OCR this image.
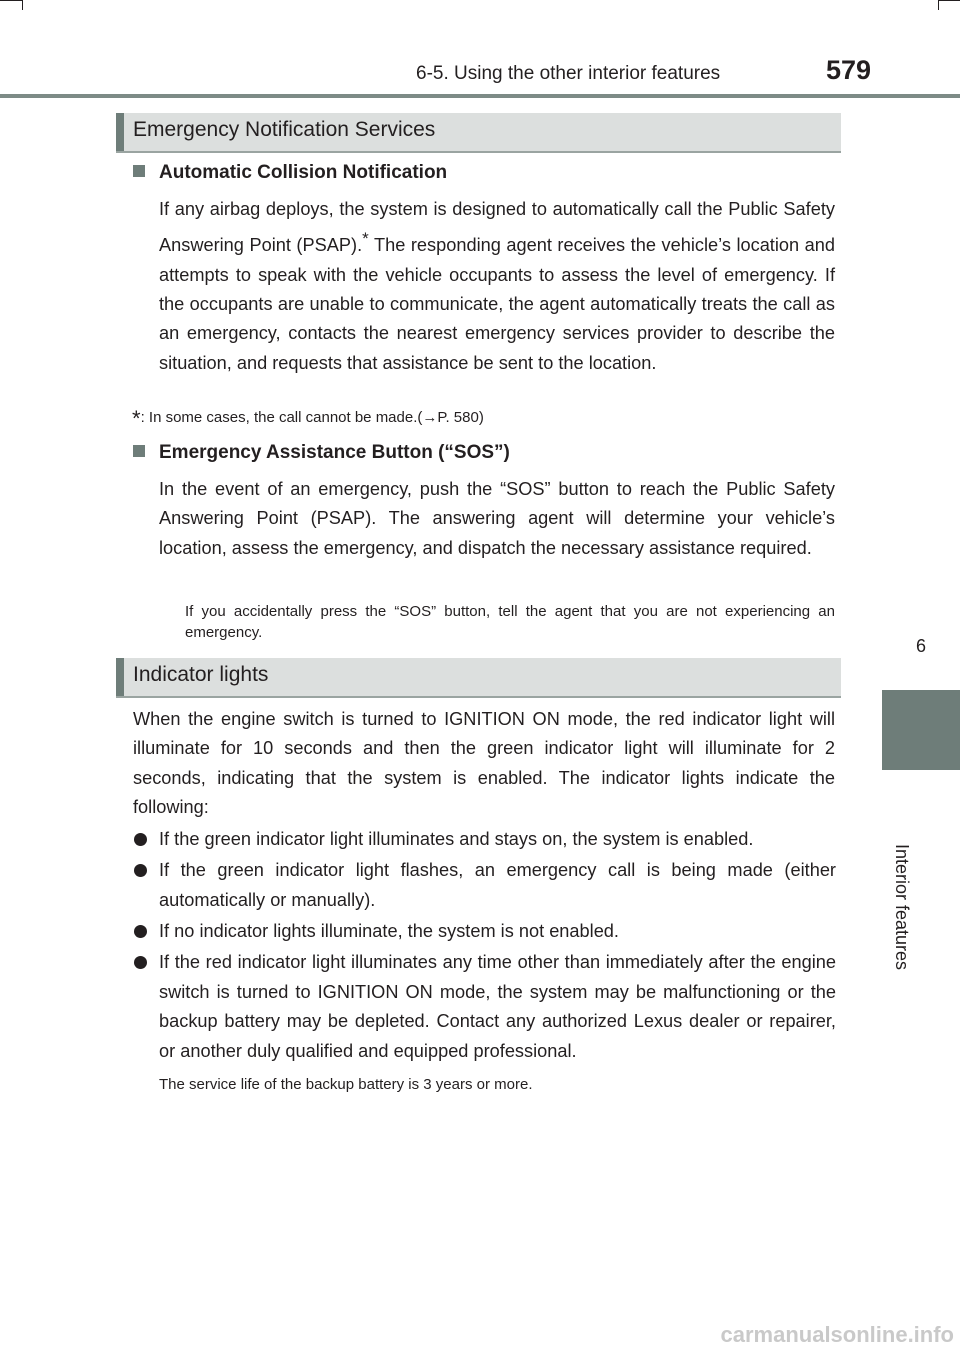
6-5. Using the other interior features	579
6
Interior features
Emergency Notification Services
Automatic Collision Notification
If any airbag deploys, the system is designed to automatically call the Public Safety Answering Point (PSAP).* The responding agent receives the vehicle’s location and attempts to speak with the vehicle occupants to assess the level of emergency. If the occupants are unable to communicate, the agent automatically treats the call as an emergency, contacts the nearest emergency services provider to describe the situation, and requests that assistance be sent to the location.
*: In some cases, the call cannot be made.(→P. 580)
Emergency Assistance Button (“SOS”)
In the event of an emergency, push the “SOS” button to reach the Public Safety Answering Point (PSAP). The answering agent will determine your vehicle’s location, assess the emergency, and dispatch the necessary assistance required.
If you accidentally press the “SOS” button, tell the agent that you are not experiencing an emergency.
Indicator lights
When the engine switch is turned to IGNITION ON mode, the red indicator light will illuminate for 10 seconds and then the green indicator light will illuminate for 2 seconds, indicating that the system is enabled. The indicator lights indicate the following:
If the green indicator light illuminates and stays on, the system is enabled.
If the green indicator light flashes, an emergency call is being made (either automatically or manually).
If no indicator lights illuminate, the system is not enabled.
If the red indicator light illuminates any time other than immediately after the engine switch is turned to IGNITION ON mode, the system may be malfunctioning or the backup battery may be depleted. Contact any authorized Lexus dealer or repairer, or another duly qualified and equipped professional.
The service life of the backup battery is 3 years or more.
carmanualsonline.info
